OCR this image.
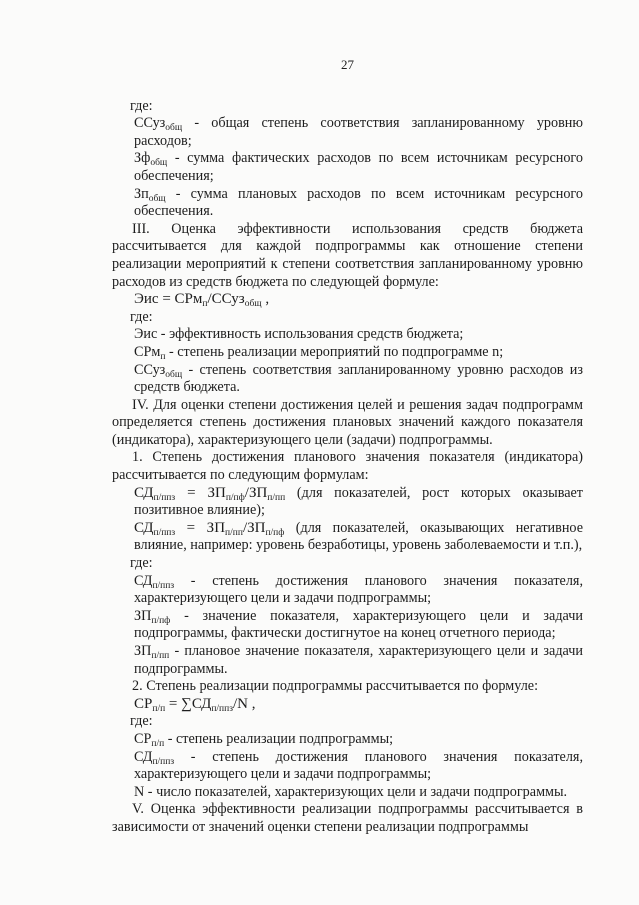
27

где:

ССуз$_{общ}$ - общая степень соответствия запланированному уровню расходов;

$Зф_{общ}$ - сумма фактических расходов по всем источникам ресурсного обеспечения;

$Зп_{общ}$ - сумма плановых расходов по всем источникам ресурсного обеспечения.

III. Оценка эффективности использования средств бюджета рассчитывается для каждой подпрограммы как отношение степени реализации мероприятий к степени соответствия запланированному уровню расходов из средств бюджета по следующей формуле:

Эис = СРм$_п$/ССуз$_{общ}$ ,

где:

Эис - эффективность использования средств бюджета;

СРм$_п$ - степень реализации мероприятий по подпрограмме n;

ССуз$_{общ}$ - степень соответствия запланированному уровню расходов из средств бюджета.

IV. Для оценки степени достижения целей и решения задач подпрограмм определяется степень достижения плановых значений каждого показателя (индикатора), характеризующего цели (задачи) подпрограммы.

1. Степень достижения планового значения показателя (индикатора) рассчитывается по следующим формулам:

$СД_{п/ппз} = ЗП_{п/пф}/ЗП_{п/пп}$ (для показателей, рост которых оказывает позитивное влияние);

$СД_{п/ппз} = ЗП_{п/пп}/ЗП_{п/пф}$ (для показателей, оказывающих негативное влияние, например: уровень безработицы, уровень заболеваемости и т.п.),

где:

$СД_{п/ппз}$ - степень достижения планового значения показателя, характеризующего цели и задачи подпрограммы;

$ЗП_{п/пф}$ - значение показателя, характеризующего цели и задачи подпрограммы, фактически достигнутое на конец отчетного периода;

$ЗП_{п/пп}$ - плановое значение показателя, характеризующего цели и задачи подпрограммы.

2. Степень реализации подпрограммы рассчитывается по формуле:

$СР_{п/п} = \sum СД_{п/ппз}/N$ ,

где:

$СР_{п/п}$ - степень реализации подпрограммы;

$СД_{п/ппз}$ - степень достижения планового значения показателя, характеризующего цели и задачи подпрограммы;

N - число показателей, характеризующих цели и задачи подпрограммы.

V. Оценка эффективности реализации подпрограммы рассчитывается в зависимости от значений оценки степени реализации подпрограммы
